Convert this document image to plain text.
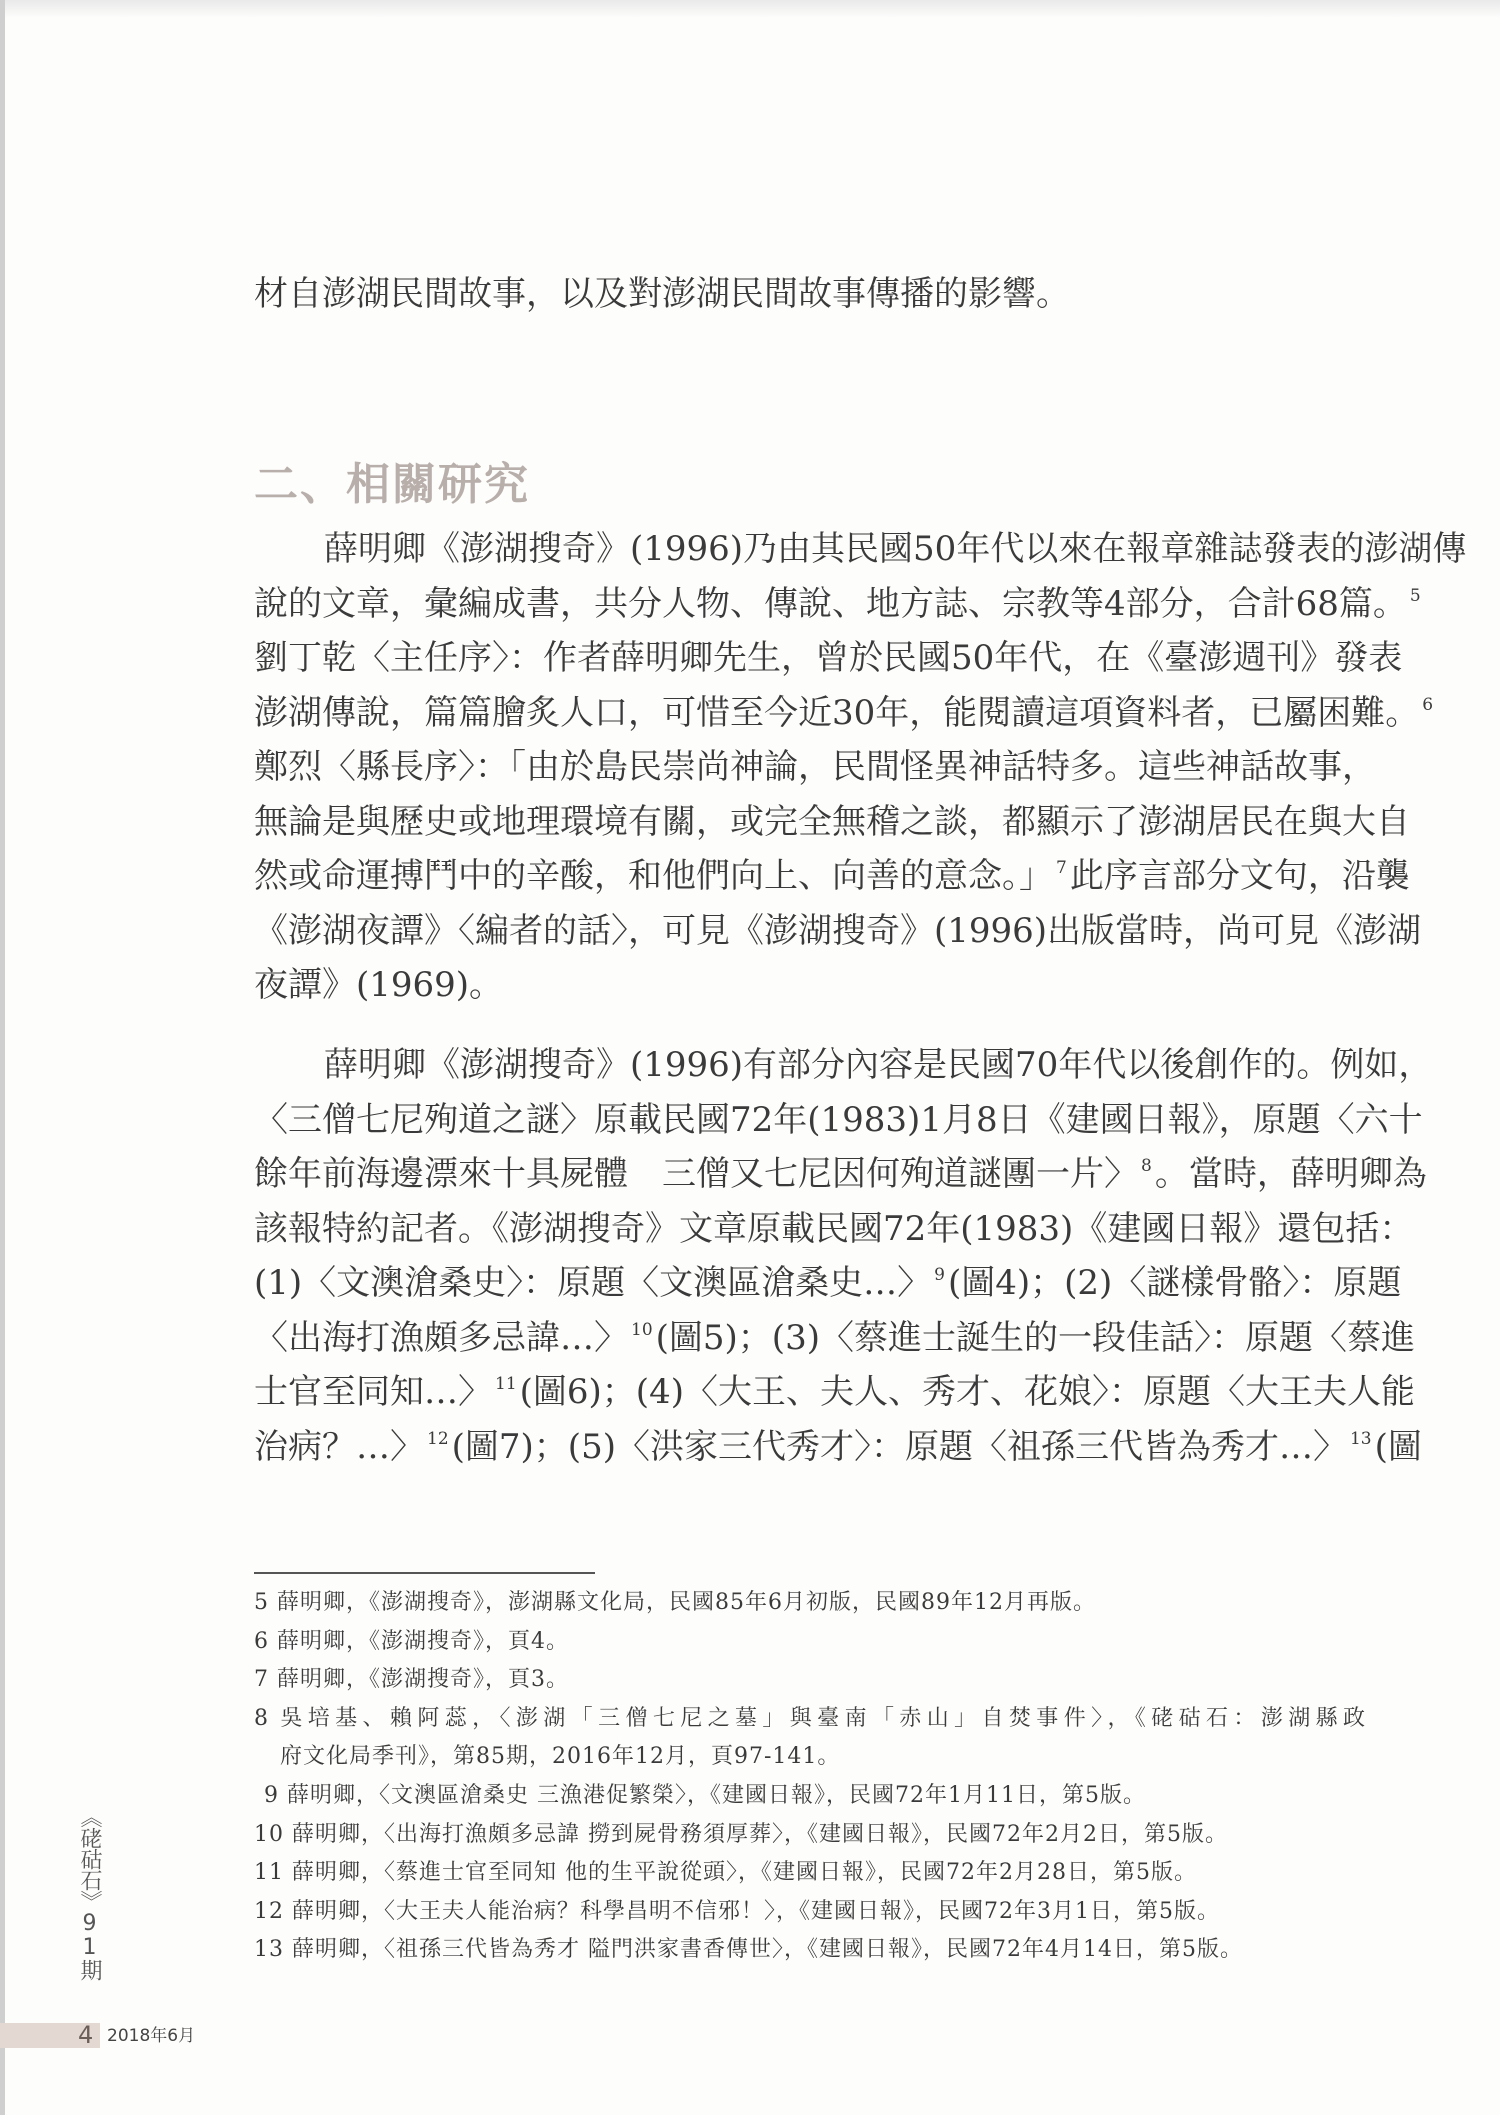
材自澎湖民間故事，以及對澎湖民間故事傳播的影響。
二、相關研究
薛明卿《澎湖搜奇》(1996)乃由其民國50年代以來在報章雜誌發表的澎湖傳
說的文章，彙編成書，共分人物、傳說、地方誌、宗教等4部分，合計68篇。 $^5$
劉丁乾〈主任序〉：作者薛明卿先生，曾於民國50年代，在《臺澎週刊》發表
澎湖傳說，篇篇膾炙人口，可惜至今近30年，能閱讀這項資料者，已屬困難。 $^6$
鄭烈〈縣長序〉：「由於島民崇尚神論，民間怪異神話特多。這些神話故事，
無論是與歷史或地理環境有關，或完全無稽之談，都顯示了澎湖居民在與大自
然或命運搏鬥中的辛酸，和他們向上、向善的意念。」 $^7$此序言部分文句，沿襲
《澎湖夜譚》〈編者的話〉，可見《澎湖搜奇》(1996)出版當時，尚可見《澎湖
夜譚》(1969)。
薛明卿《澎湖搜奇》(1996)有部分內容是民國70年代以後創作的。例如，
〈三僧七尼殉道之謎〉原載民國72年(1983)1月8日《建國日報》，原題〈六十
餘年前海邊漂來十具屍體　三僧又七尼因何殉道謎團一片〉 $^8$。當時，薛明卿為
該報特約記者。《澎湖搜奇》文章原載民國72年(1983)《建國日報》還包括：
(1)〈文澳滄桑史〉：原題〈文澳區滄桑史…〉 $^9$(圖4)；(2)〈謎樣骨骼〉：原題
〈出海打漁頗多忌諱…〉 $^{10}$(圖5)；(3)〈蔡進士誕生的一段佳話〉：原題〈蔡進
士官至同知…〉 $^{11}$(圖6)；(4)〈大王、夫人、秀才、花娘〉：原題〈大王夫人能
治病？…〉 $^{12}$(圖7)；(5)〈洪家三代秀才〉：原題〈祖孫三代皆為秀才…〉 $^{13}$(圖
5 薛明卿，《澎湖搜奇》，澎湖縣文化局，民國85年6月初版，民國89年12月再版。
6 薛明卿，《澎湖搜奇》，頁4。
7 薛明卿，《澎湖搜奇》，頁3。
8 吳培基、賴阿蕊，〈澎湖「三僧七尼之墓」與臺南「赤山」自焚事件〉，《硓𥑮石：澎湖縣政
府文化局季刊》，第85期，2016年12月，頁97-141。
9 薛明卿，〈文澳區滄桑史 三漁港促繁榮〉，《建國日報》，民國72年1月11日，第5版。
10 薛明卿，〈出海打漁頗多忌諱 撈到屍骨務須厚葬〉，《建國日報》，民國72年2月2日，第5版。
11 薛明卿，〈蔡進士官至同知 他的生平說從頭〉，《建國日報》，民國72年2月28日，第5版。
12 薛明卿，〈大王夫人能治病？科學昌明不信邪！〉，《建國日報》，民國72年3月1日，第5版。
13 薛明卿，〈祖孫三代皆為秀才 隘門洪家書香傳世〉，《建國日報》，民國72年4月14日，第5版。
《硓𥑮石》91期
4 2018年6月
